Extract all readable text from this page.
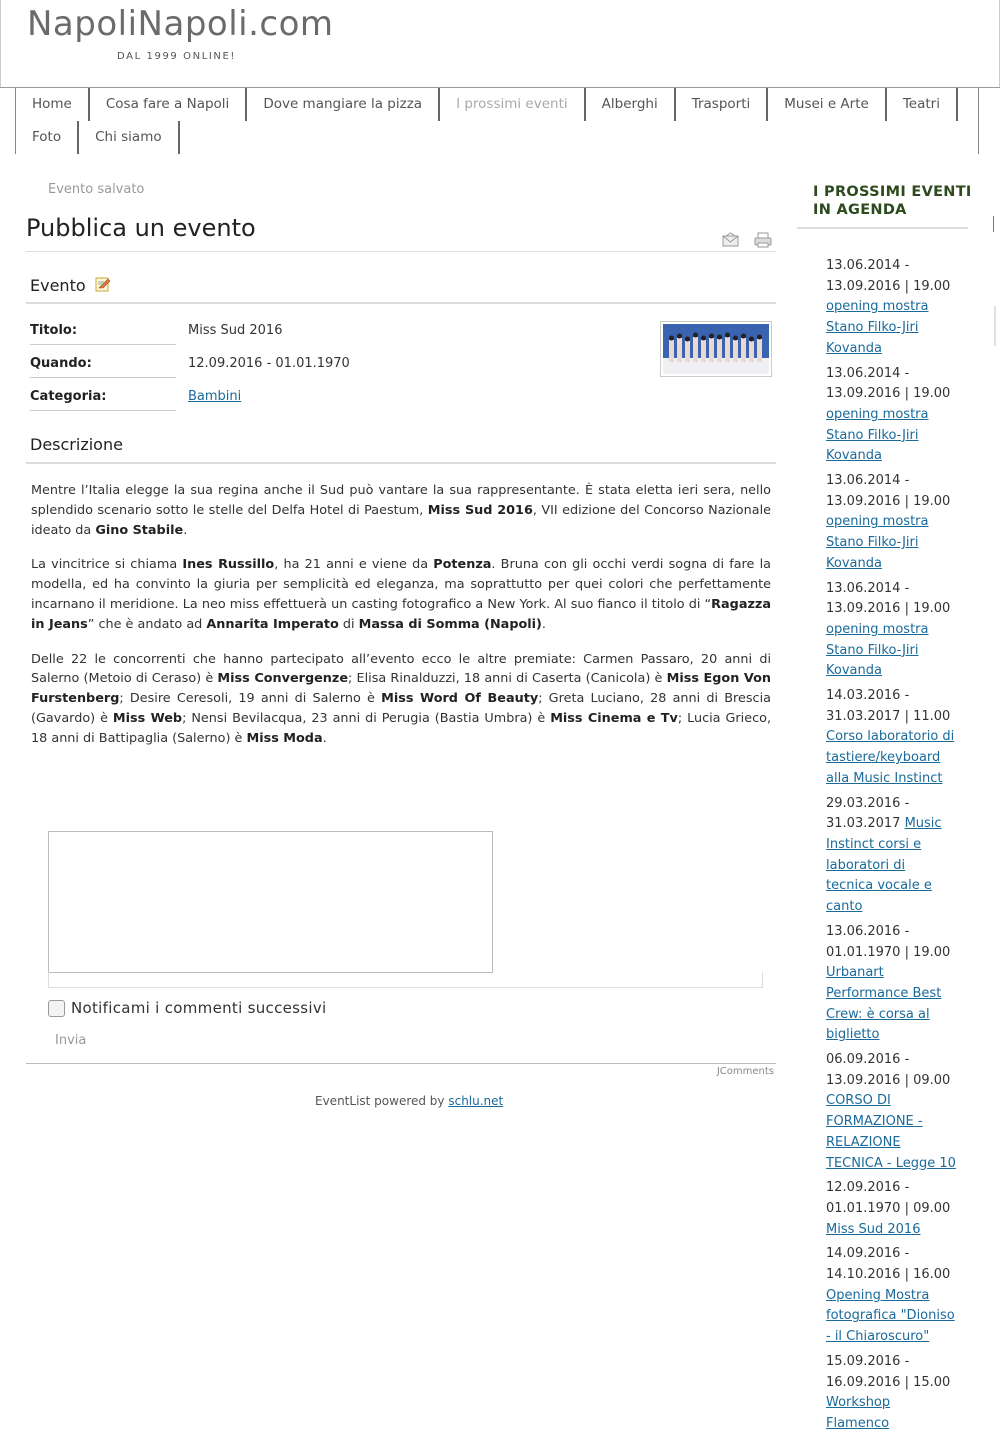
NapoliNapoli.com
DAL 1999 ONLINE!
Home	Cosa fare a Napoli	Dove mangiare la pizza	I prossimi eventi	Alberghi	Trasporti	Musei e Arte	Teatri
Foto	Chi siamo
Evento salvato
Pubblica un evento
Evento
Titolo:	Miss Sud 2016
Quando:	12.09.2016 - 01.01.1970
Categoria:	Bambini
Descrizione

Mentre l’Italia elegge la sua regina anche il Sud può vantare la sua rappresentante. È stata eletta ieri sera, nello splendido scenario sotto le stelle del Delfa Hotel di Paestum, Miss Sud 2016, VII edizione del Concorso Nazionale ideato da Gino Stabile.

La vincitrice si chiama Ines Russillo, ha 21 anni e viene da Potenza. Bruna con gli occhi verdi sogna di fare la modella, ed ha convinto la giuria per semplicità ed eleganza, ma soprattutto per quei colori che perfettamente incarnano il meridione. La neo miss effettuerà un casting fotografico a New York. Al suo fianco il titolo di “Ragazza in Jeans” che è andato ad Annarita Imperato di Massa di Somma (Napoli).

Delle 22 le concorrenti che hanno partecipato all’evento ecco le altre premiate: Carmen Passaro, 20 anni di Salerno (Metoio di Ceraso) è Miss Convergenze; Elisa Rinalduzzi, 18 anni di Caserta (Canicola) è Miss Egon Von Furstenberg; Desire Ceresoli, 19 anni di Salerno è Miss Word Of Beauty; Greta Luciano, 28 anni di Brescia (Gavardo) è Miss Web; Nensi Bevilacqua, 23 anni di Perugia (Bastia Umbra) è Miss Cinema e Tv; Lucia Grieco, 18 anni di Battipaglia (Salerno) è Miss Moda.

Notificami i commenti successivi
Invia
JComments
EventList powered by schlu.net
I PROSSIMI EVENTI IN AGENDA
13.06.2014 - 13.09.2016 | 19.00 opening mostra Stano Filko-Jiri Kovanda
13.06.2014 - 13.09.2016 | 19.00 opening mostra Stano Filko-Jiri Kovanda
13.06.2014 - 13.09.2016 | 19.00 opening mostra Stano Filko-Jiri Kovanda
13.06.2014 - 13.09.2016 | 19.00 opening mostra Stano Filko-Jiri Kovanda
14.03.2016 - 31.03.2017 | 11.00 Corso laboratorio di tastiere/keyboard alla Music Instinct
29.03.2016 - 31.03.2017 Music Instinct corsi e laboratori di tecnica vocale e canto
13.06.2016 - 01.01.1970 | 19.00 Urbanart Performance Best Crew: è corsa al biglietto
06.09.2016 - 13.09.2016 | 09.00 CORSO DI FORMAZIONE - RELAZIONE TECNICA - Legge 10
12.09.2016 - 01.01.1970 | 09.00 Miss Sud 2016
14.09.2016 - 14.10.2016 | 16.00 Opening Mostra fotografica "Dioniso - il Chiaroscuro"
15.09.2016 - 16.09.2016 | 15.00 Workshop Flamenco
